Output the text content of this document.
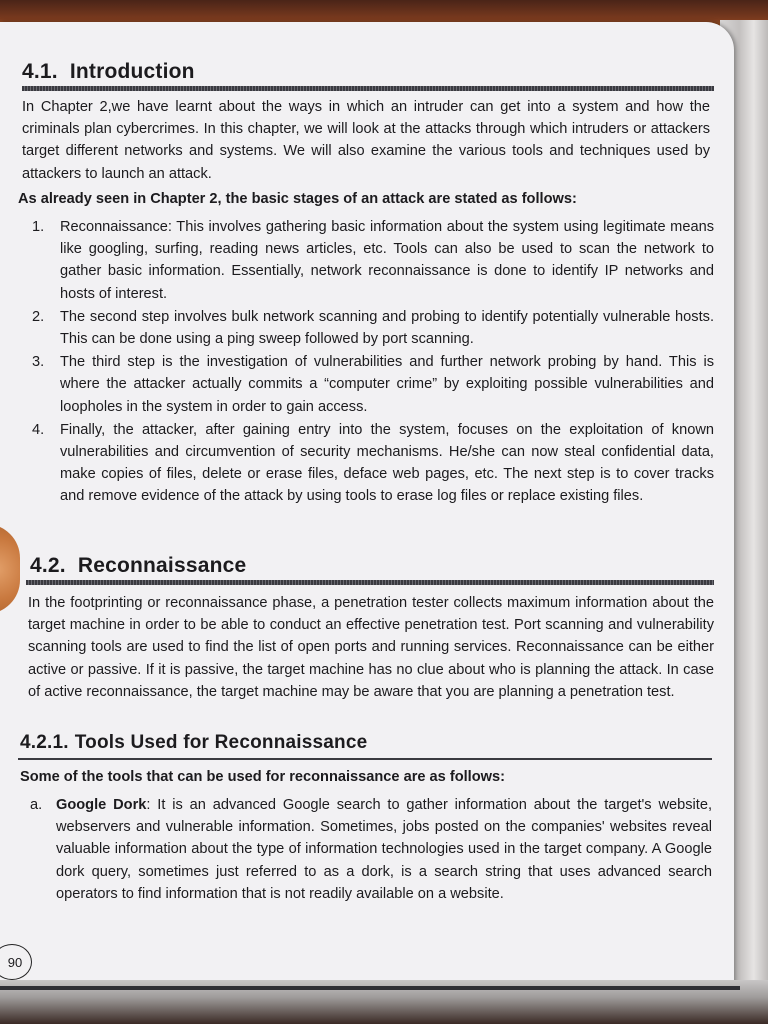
4.1. Introduction

In Chapter 2,we have learnt about the ways in which an intruder can get into a system and how the criminals plan cybercrimes. In this chapter, we will look at the attacks through which intruders or attackers target different networks and systems. We will also examine the various tools and techniques used by attackers to launch an attack.

As already seen in Chapter 2, the basic stages of an attack are stated as follows:

1. Reconnaissance: This involves gathering basic information about the system using legitimate means like googling, surfing, reading news articles, etc. Tools can also be used to scan the network to gather basic information. Essentially, network reconnaissance is done to identify IP networks and hosts of interest.
2. The second step involves bulk network scanning and probing to identify potentially vulnerable hosts. This can be done using a ping sweep followed by port scanning.
3. The third step is the investigation of vulnerabilities and further network probing by hand. This is where the attacker actually commits a “computer crime” by exploiting possible vulnerabilities and loopholes in the system in order to gain access.
4. Finally, the attacker, after gaining entry into the system, focuses on the exploitation of known vulnerabilities and circumvention of security mechanisms. He/she can now steal confidential data, make copies of files, delete or erase files, deface web pages, etc. The next step is to cover tracks and remove evidence of the attack by using tools to erase log files or replace existing files.
4.2. Reconnaissance

In the footprinting or reconnaissance phase, a penetration tester collects maximum information about the target machine in order to be able to conduct an effective penetration test. Port scanning and vulnerability scanning tools are used to find the list of open ports and running services. Reconnaissance can be either active or passive. If it is passive, the target machine has no clue about who is planning the attack. In case of active reconnaissance, the target machine may be aware that you are planning a penetration test.

4.2.1. Tools Used for Reconnaissance

Some of the tools that can be used for reconnaissance are as follows:

a. Google Dork: It is an advanced Google search to gather information about the target's website, webservers and vulnerable information. Sometimes, jobs posted on the companies' websites reveal valuable information about the type of information technologies used in the target company. A Google dork query, sometimes just referred to as a dork, is a search string that uses advanced search operators to find information that is not readily available on a website.
90
